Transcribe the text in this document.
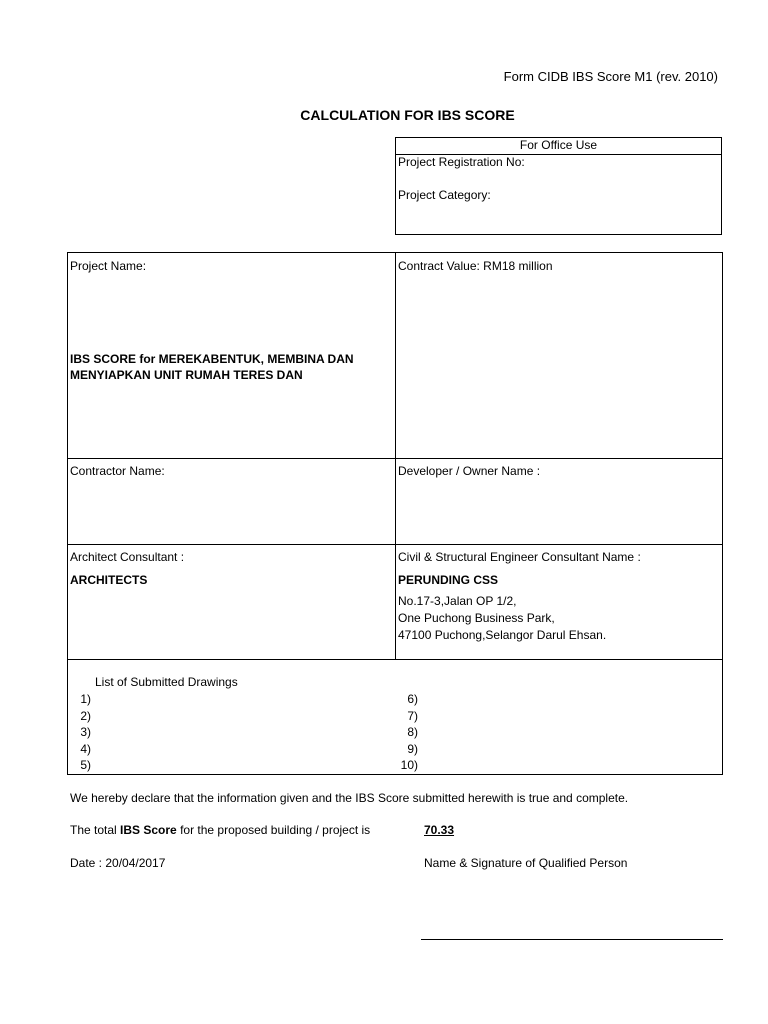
Form CIDB IBS Score M1 (rev. 2010)
CALCULATION FOR IBS SCORE
For Office Use
Project Registration No:
Project Category:
Project Name:
IBS SCORE for MEREKABENTUK, MEMBINA DAN
MENYIAPKAN UNIT RUMAH TERES DAN
Contract Value: RM18 million
Contractor Name:	Developer / Owner Name :
Architect Consultant :
ARCHITECTS
Civil & Structural Engineer Consultant Name :
PERUNDING CSS
No.17-3,Jalan OP 1/2,
One Puchong Business Park,
47100 Puchong,Selangor Darul Ehsan.
List of Submitted Drawings
1)
2)
3)
4)
5)
6)
7)
8)
9)
10)
We hereby declare that the information given and the IBS Score submitted herewith is true and complete.
The total IBS Score for the proposed building / project is	70.33
Date : 20/04/2017	Name & Signature of Qualified Person
